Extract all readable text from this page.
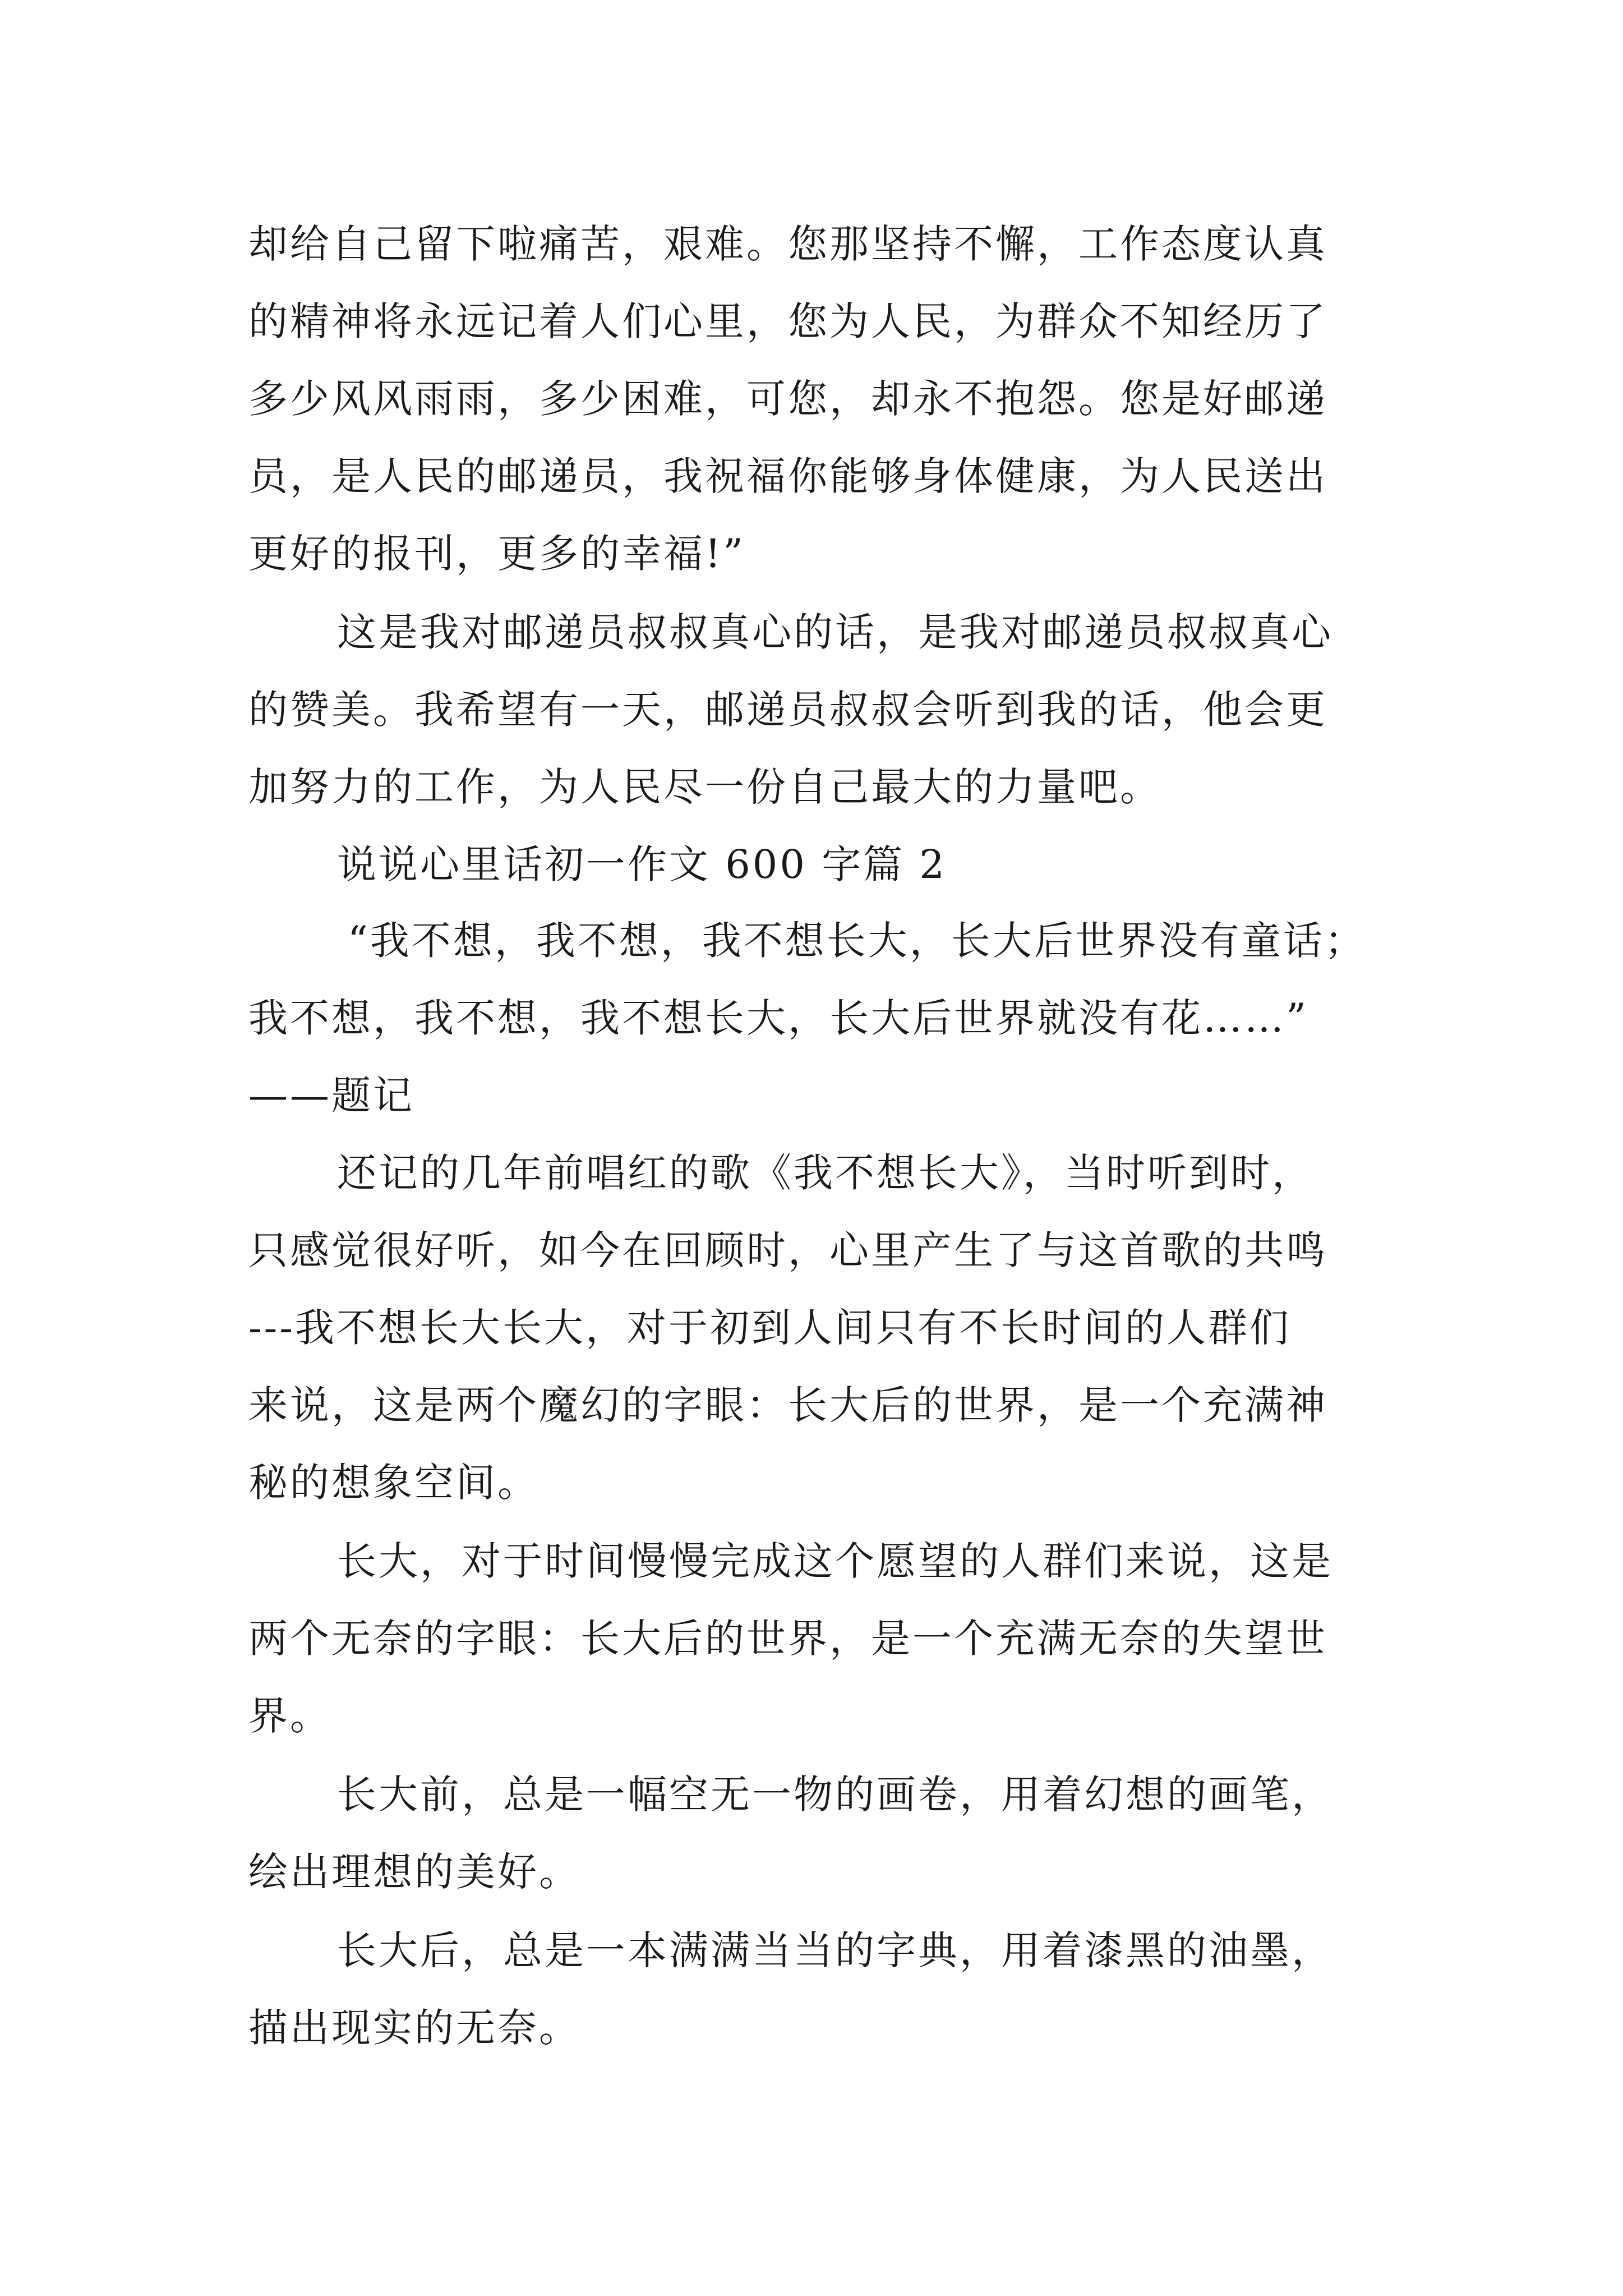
却给自己留下啦痛苦，艰难。您那坚持不懈，工作态度认真

的精神将永远记着人们心里，您为人民，为群众不知经历了

多少风风雨雨，多少困难，可您，却永不抱怨。您是好邮递

员，是人民的邮递员，我祝福你能够身体健康，为人民送出

更好的报刊，更多的幸福!”

这是我对邮递员叔叔真心的话，是我对邮递员叔叔真心

的赞美。我希望有一天，邮递员叔叔会听到我的话，他会更

加努力的工作，为人民尽一份自己最大的力量吧。

说说心里话初一作文 600 字篇 2

“我不想，我不想，我不想长大，长大后世界没有童话；

我不想，我不想，我不想长大，长大后世界就没有花……”

——题记

还记的几年前唱红的歌《我不想长大》，当时听到时，

只感觉很好听，如今在回顾时，心里产生了与这首歌的共鸣

---我不想长大长大，对于初到人间只有不长时间的人群们

来说，这是两个魔幻的字眼：长大后的世界，是一个充满神

秘的想象空间。

长大，对于时间慢慢完成这个愿望的人群们来说，这是

两个无奈的字眼：长大后的世界，是一个充满无奈的失望世

界。

长大前，总是一幅空无一物的画卷，用着幻想的画笔，

绘出理想的美好。

长大后，总是一本满满当当的字典，用着漆黑的油墨，

描出现实的无奈。
